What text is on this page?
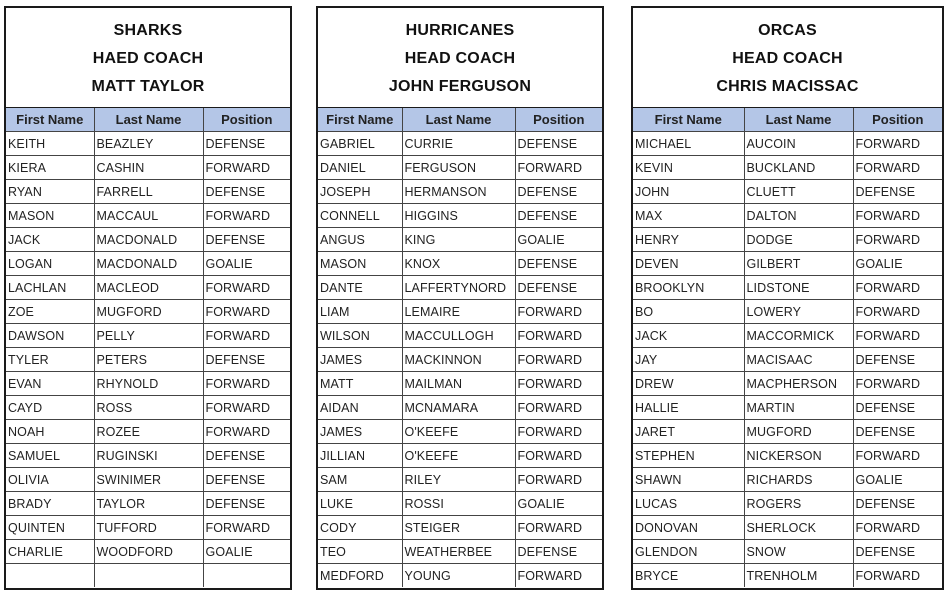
SHARKS
HAED COACH
MATT TAYLOR
First Name	Last Name	Position
KEITH	BEAZLEY	DEFENSE
KIERA	CASHIN	FORWARD
RYAN	FARRELL	DEFENSE
MASON	MACCAUL	FORWARD
JACK	MACDONALD	DEFENSE
LOGAN	MACDONALD	GOALIE
LACHLAN	MACLEOD	FORWARD
ZOE	MUGFORD	FORWARD
DAWSON	PELLY	FORWARD
TYLER	PETERS	DEFENSE
EVAN	RHYNOLD	FORWARD
CAYD	ROSS	FORWARD
NOAH	ROZEE	FORWARD
SAMUEL	RUGINSKI	DEFENSE
OLIVIA	SWINIMER	DEFENSE
BRADY	TAYLOR	DEFENSE
QUINTEN	TUFFORD	FORWARD
CHARLIE	WOODFORD	GOALIE

HURRICANES
HEAD COACH
JOHN FERGUSON
First Name	Last Name	Position
GABRIEL	CURRIE	DEFENSE
DANIEL	FERGUSON	FORWARD
JOSEPH	HERMANSON	DEFENSE
CONNELL	HIGGINS	DEFENSE
ANGUS	KING	GOALIE
MASON	KNOX	DEFENSE
DANTE	LAFFERTYNORD	DEFENSE
LIAM	LEMAIRE	FORWARD
WILSON	MACCULLOGH	FORWARD
JAMES	MACKINNON	FORWARD
MATT	MAILMAN	FORWARD
AIDAN	MCNAMARA	FORWARD
JAMES	O'KEEFE	FORWARD
JILLIAN	O'KEEFE	FORWARD
SAM	RILEY	FORWARD
LUKE	ROSSI	GOALIE
CODY	STEIGER	FORWARD
TEO	WEATHERBEE	DEFENSE
MEDFORD	YOUNG	FORWARD
ORCAS
HEAD COACH
CHRIS MACISSAC
First Name	Last Name	Position
MICHAEL	AUCOIN	FORWARD
KEVIN	BUCKLAND	FORWARD
JOHN	CLUETT	DEFENSE
MAX	DALTON	FORWARD
HENRY	DODGE	FORWARD
DEVEN	GILBERT	GOALIE
BROOKLYN	LIDSTONE	FORWARD
BO	LOWERY	FORWARD
JACK	MACCORMICK	FORWARD
JAY	MACISAAC	DEFENSE
DREW	MACPHERSON	FORWARD
HALLIE	MARTIN	DEFENSE
JARET	MUGFORD	DEFENSE
STEPHEN	NICKERSON	FORWARD
SHAWN	RICHARDS	GOALIE
LUCAS	ROGERS	DEFENSE
DONOVAN	SHERLOCK	FORWARD
GLENDON	SNOW	DEFENSE
BRYCE	TRENHOLM	FORWARD
